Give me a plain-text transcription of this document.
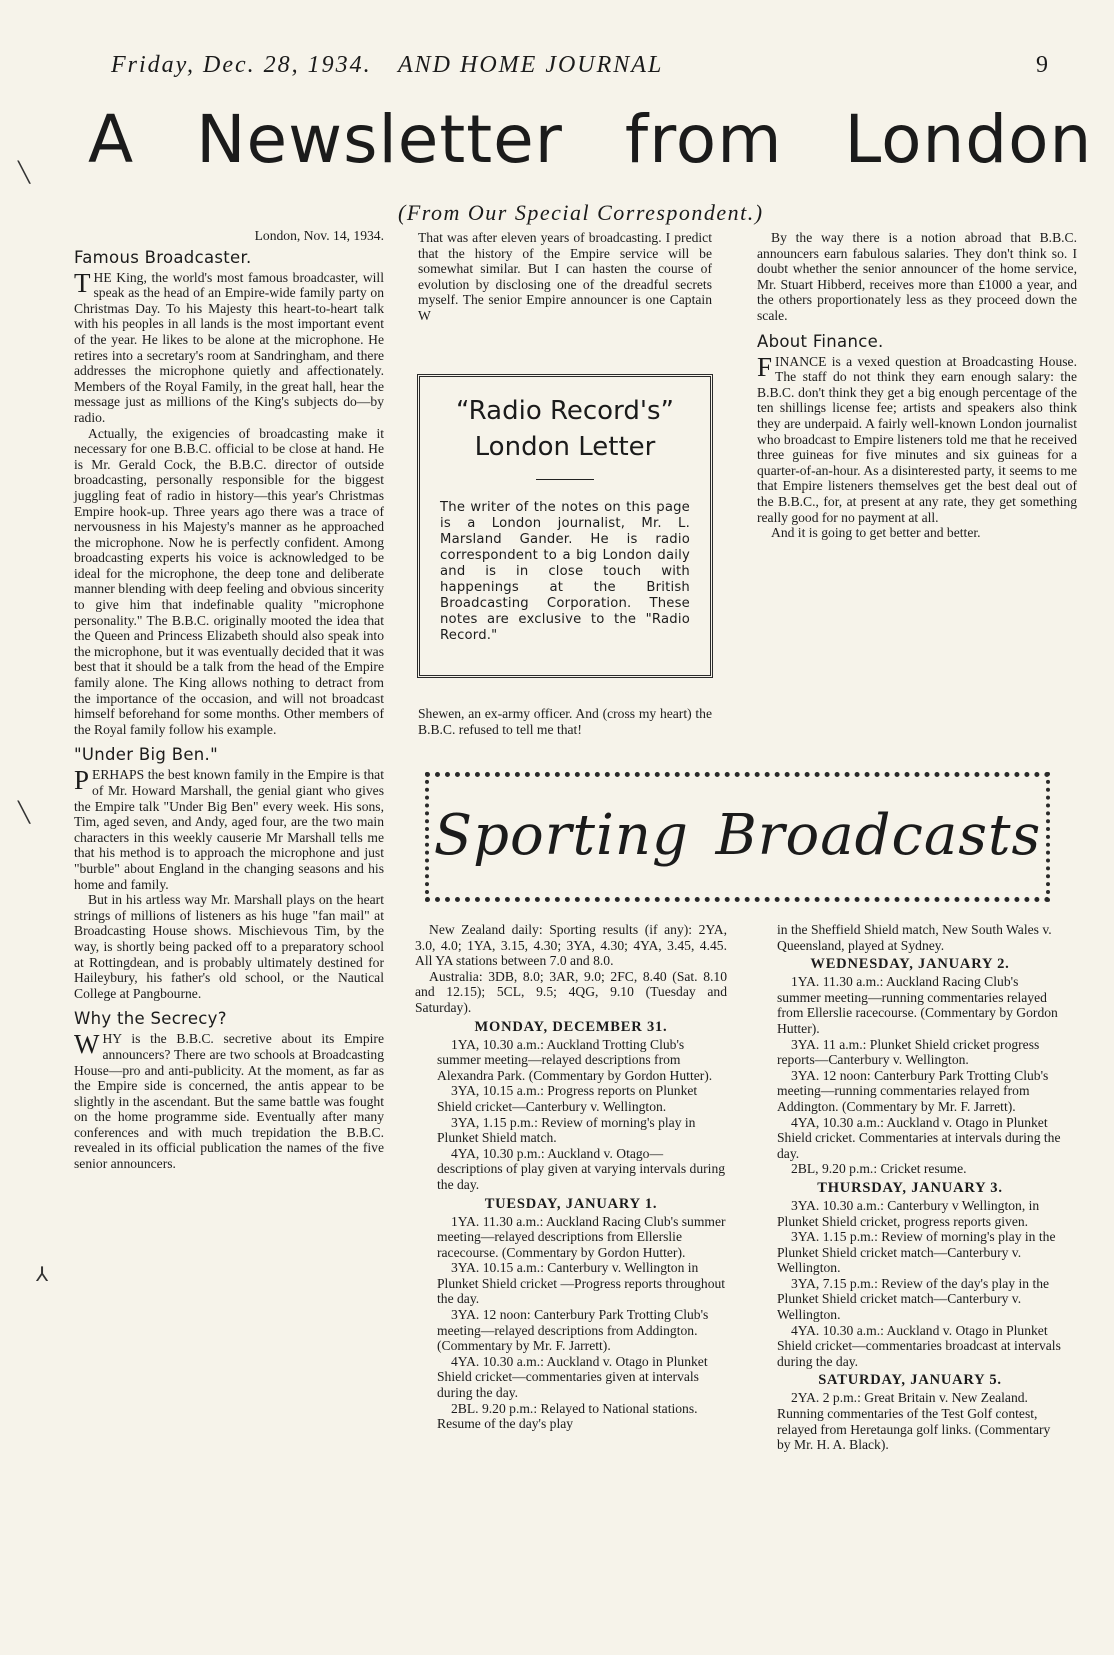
Friday, Dec. 28, 1934. AND HOME JOURNAL	9
A Newsletter from London
(From Our Special Correspondent.)
London, Nov. 14, 1934.
Famous Broadcaster.

THE King, the world's most famous broadcaster, will speak as the head of an Empire-wide family party on Christmas Day. To his Majesty this heart-to-heart talk with his peoples in all lands is the most important event of the year. He likes to be alone at the microphone. He retires into a secretary's room at Sandringham, and there addresses the microphone quietly and affectionately. Members of the Royal Family, in the great hall, hear the message just as millions of the King's subjects do—by radio.

Actually, the exigencies of broadcasting make it necessary for one B.B.C. official to be close at hand. He is Mr. Gerald Cock, the B.B.C. director of outside broadcasting, personally responsible for the biggest juggling feat of radio in history—this year's Christmas Empire hook-up. Three years ago there was a trace of nervousness in his Majesty's manner as he approached the microphone. Now he is perfectly confident. Among broadcasting experts his voice is acknowledged to be ideal for the microphone, the deep tone and deliberate manner blending with deep feeling and obvious sincerity to give him that indefinable quality "microphone personality." The B.B.C. originally mooted the idea that the Queen and Princess Elizabeth should also speak into the microphone, but it was eventually decided that it was best that it should be a talk from the head of the Empire family alone. The King allows nothing to detract from the importance of the occasion, and will not broadcast himself beforehand for some months. Other members of the Royal family follow his example.

"Under Big Ben."

PERHAPS the best known family in the Empire is that of Mr. Howard Marshall, the genial giant who gives the Empire talk "Under Big Ben" every week. His sons, Tim, aged seven, and Andy, aged four, are the two main characters in this weekly causerie Mr Marshall tells me that his method is to approach the microphone and just "burble" about England in the changing seasons and his home and family.

But in his artless way Mr. Marshall plays on the heart strings of millions of listeners as his huge "fan mail" at Broadcasting House shows. Mischievous Tim, by the way, is shortly being packed off to a preparatory school at Rottingdean, and is probably ultimately destined for Haileybury, his father's old school, or the Nautical College at Pangbourne.

Why the Secrecy?

WHY is the B.B.C. secretive about its Empire announcers? There are two schools at Broadcasting House—pro and anti-publicity. At the moment, as far as the Empire side is concerned, the antis appear to be slightly in the ascendant. But the same battle was fought on the home programme side. Eventually after many conferences and with much trepidation the B.B.C. revealed in its official publication the names of the five senior announcers.

That was after eleven years of broadcasting. I predict that the history of the Empire service will be somewhat similar. But I can hasten the course of evolution by disclosing one of the dreadful secrets myself. The senior Empire announcer is one Captain W

“Radio Record's” London Letter
The writer of the notes on this page is a London journalist, Mr. L. Marsland Gander. He is radio correspondent to a big London daily and is in close touch with happenings at the British Broadcasting Corporation. These notes are exclusive to the "Radio Record."

Shewen, an ex-army officer. And (cross my heart) the B.B.C. refused to tell me that!

By the way there is a notion abroad that B.B.C. announcers earn fabulous salaries. They don't think so. I doubt whether the senior announcer of the home service, Mr. Stuart Hibberd, receives more than £1000 a year, and the others proportionately less as they proceed down the scale.

About Finance.

FINANCE is a vexed question at Broadcasting House. The staff do not think they earn enough salary: the B.B.C. don't think they get a big enough percentage of the ten shillings license fee; artists and speakers also think they are underpaid. A fairly well-known London journalist who broadcast to Empire listeners told me that he received three guineas for five minutes and six guineas for a quarter-of-an-hour. As a disinterested party, it seems to me that Empire listeners themselves get the best deal out of the B.B.C., for, at present at any rate, they get something really good for no payment at all.

And it is going to get better and better.

Sporting Broadcasts

New Zealand daily: Sporting results (if any): 2YA, 3.0, 4.0; 1YA, 3.15, 4.30; 3YA, 4.30; 4YA, 3.45, 4.45. All YA stations between 7.0 and 8.0.

Australia: 3DB, 8.0; 3AR, 9.0; 2FC, 8.40 (Sat. 8.10 and 12.15); 5CL, 9.5; 4QG, 9.10 (Tuesday and Saturday).

MONDAY, DECEMBER 31.

1YA, 10.30 a.m.: Auckland Trotting Club's summer meeting—relayed descriptions from Alexandra Park. (Commentary by Gordon Hutter).

3YA, 10.15 a.m.: Progress reports on Plunket Shield cricket—Canterbury v. Wellington.

3YA, 1.15 p.m.: Review of morning's play in Plunket Shield match.

4YA, 10.30 p.m.: Auckland v. Otago—descriptions of play given at varying intervals during the day.

TUESDAY, JANUARY 1.

1YA. 11.30 a.m.: Auckland Racing Club's summer meeting—relayed descriptions from Ellerslie racecourse. (Commentary by Gordon Hutter).

3YA. 10.15 a.m.: Canterbury v. Wellington in Plunket Shield cricket —Progress reports throughout the day.

3YA. 12 noon: Canterbury Park Trotting Club's meeting—relayed descriptions from Addington. (Commentary by Mr. F. Jarrett).

4YA. 10.30 a.m.: Auckland v. Otago in Plunket Shield cricket—commentaries given at intervals during the day.

2BL. 9.20 p.m.: Relayed to National stations. Resume of the day's play

in the Sheffield Shield match, New South Wales v. Queensland, played at Sydney.

WEDNESDAY, JANUARY 2.

1YA. 11.30 a.m.: Auckland Racing Club's summer meeting—running commentaries relayed from Ellerslie racecourse. (Commentary by Gordon Hutter).

3YA. 11 a.m.: Plunket Shield cricket progress reports—Canterbury v. Wellington.

3YA. 12 noon: Canterbury Park Trotting Club's meeting—running commentaries relayed from Addington. (Commentary by Mr. F. Jarrett).

4YA, 10.30 a.m.: Auckland v. Otago in Plunket Shield cricket. Commentaries at intervals during the day.

2BL, 9.20 p.m.: Cricket resume.

THURSDAY, JANUARY 3.

3YA. 10.30 a.m.: Canterbury v Wellington, in Plunket Shield cricket, progress reports given.

3YA. 1.15 p.m.: Review of morning's play in the Plunket Shield cricket match—Canterbury v. Wellington.

3YA, 7.15 p.m.: Review of the day's play in the Plunket Shield cricket match—Canterbury v. Wellington.

4YA. 10.30 a.m.: Auckland v. Otago in Plunket Shield cricket—commentaries broadcast at intervals during the day.

SATURDAY, JANUARY 5.

2YA. 2 p.m.: Great Britain v. New Zealand. Running commentaries of the Test Golf contest, relayed from Heretaunga golf links. (Commentary by Mr. H. A. Black).

╲
╲
⅄
